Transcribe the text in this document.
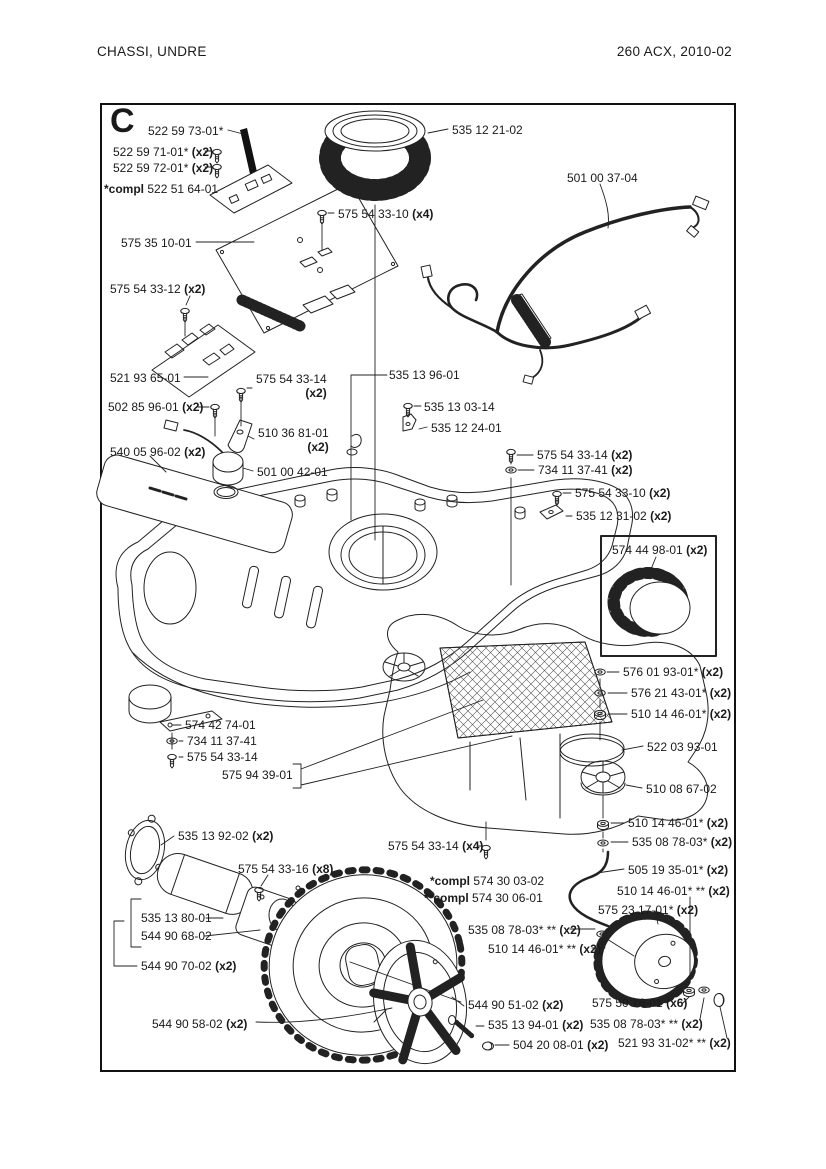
CHASSI, UNDRE	260 ACX, 2010-02
C 522 59 73-01*
522 59 71-01* (x2)
522 59 72-01* (x2)
*compl 522 51 64-01
535 12 21-02
501 00 37-04
575 54 33-10 (x4)
575 35 10-01
575 54 33-12 (x2)
521 93 65-01	575 54 33-14
(x2)
502 85 96-01 (x2)
535 13 96-01
535 13 03-14
535 12 24-01
540 05 96-02 (x2)
510 36 81-01
(x2)
501 00 42-01
575 54 33-14 (x2)
734 11 37-41 (x2)
575 54 33-10 (x2)
535 12 31-02 (x2)
574 44 98-01 (x2)
576 01 93-01* (x2)
576 21 43-01* (x2)
510 14 46-01* (x2)
522 03 93-01
510 08 67-02
574 42 74-01
734 11 37-41
575 54 33-14
575 94 39-01
535 13 92-02 (x2)
575 54 33-16 (x8)
535 13 80-01
544 90 68-02
544 90 70-02 (x2)
544 90 58-02 (x2)
*compl 574 30 03-02
**compl 574 30 06-01
575 54 33-14 (x4)
535 08 78-03* ** (x2)
510 14 46-01* ** (x2)
544 90 51-02 (x2)
535 13 94-01 (x2)
504 20 08-01 (x2)
510 14 46-01* (x2)
535 08 78-03* (x2)
505 19 35-01* (x2)
510 14 46-01* ** (x2)
575 23 17-01* (x2)
575 50 76-01 (x6)
535 08 78-03* ** (x2)
521 93 31-02* ** (x2)
